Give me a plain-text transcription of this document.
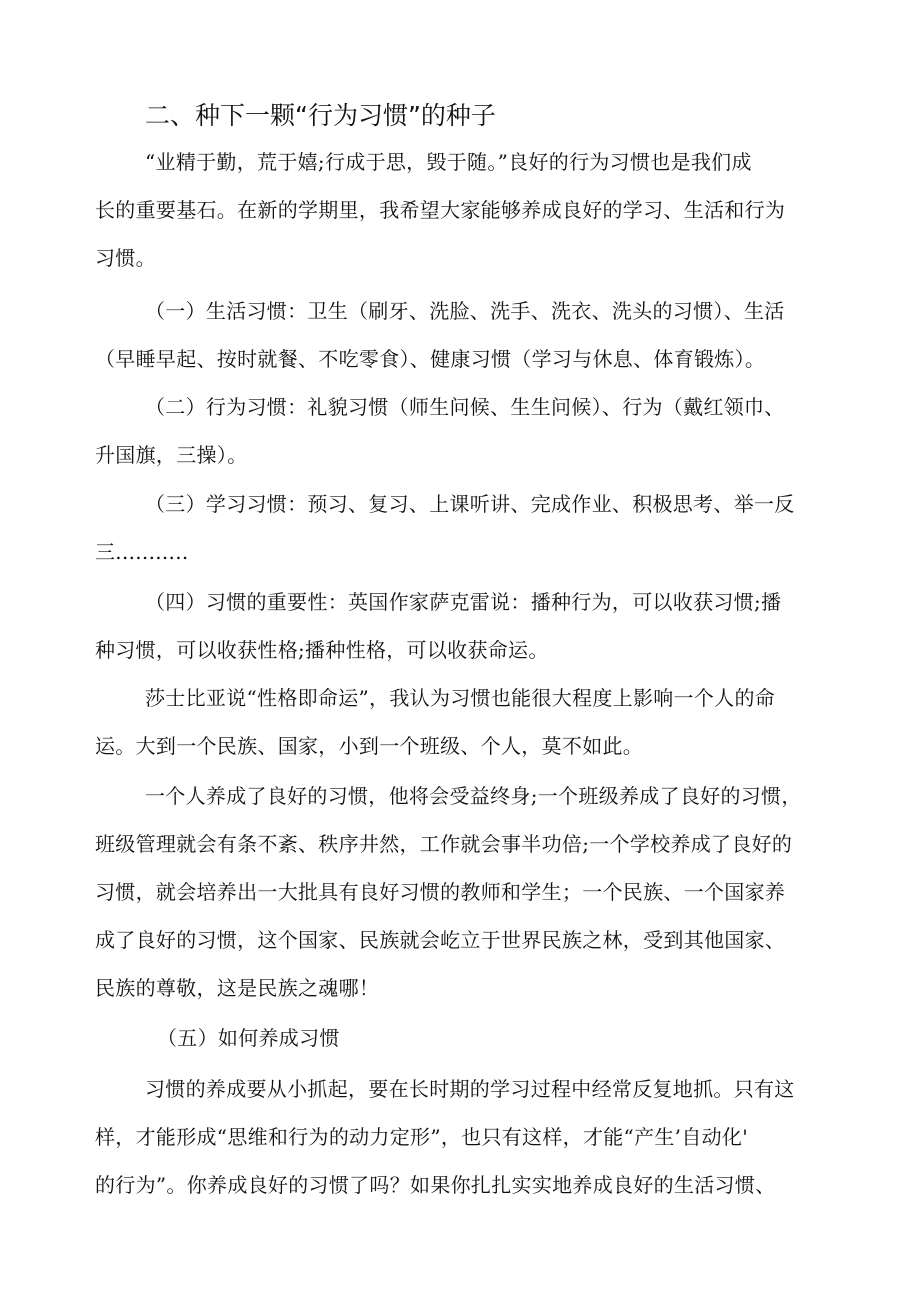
二、种下一颗“行为习惯”的种子
“业精于勤，荒于嬉;行成于思，毁于随。”良好的行为习惯也是我们成
长的重要基石。在新的学期里，我希望大家能够养成良好的学习、生活和行为
习惯。
（一）生活习惯：卫生（刷牙、洗脸、洗手、洗衣、洗头的习惯）、生活
（早睡早起、按时就餐、不吃零食）、健康习惯（学习与休息、体育锻炼）。
（二）行为习惯：礼貌习惯（师生问候、生生问候）、行为（戴红领巾、
升国旗，三操）。
（三）学习习惯：预习、复习、上课听讲、完成作业、积极思考、举一反
三...........
（四）习惯的重要性：英国作家萨克雷说：播种行为，可以收获习惯;播
种习惯，可以收获性格;播种性格，可以收获命运。
莎士比亚说“性格即命运”，我认为习惯也能很大程度上影响一个人的命
运。大到一个民族、国家，小到一个班级、个人，莫不如此。
一个人养成了良好的习惯，他将会受益终身;一个班级养成了良好的习惯，
班级管理就会有条不紊、秩序井然，工作就会事半功倍;一个学校养成了良好的
习惯，就会培养出一大批具有良好习惯的教师和学生；一个民族、一个国家养
成了良好的习惯，这个国家、民族就会屹立于世界民族之林，受到其他国家、
民族的尊敬，这是民族之魂哪！
（五）如何养成习惯
习惯的养成要从小抓起，要在长时期的学习过程中经常反复地抓。只有这
样，才能形成“思维和行为的动力定形”，也只有这样，才能“产生’自动化'
的行为”。你养成良好的习惯了吗？如果你扎扎实实地养成良好的生活习惯、
